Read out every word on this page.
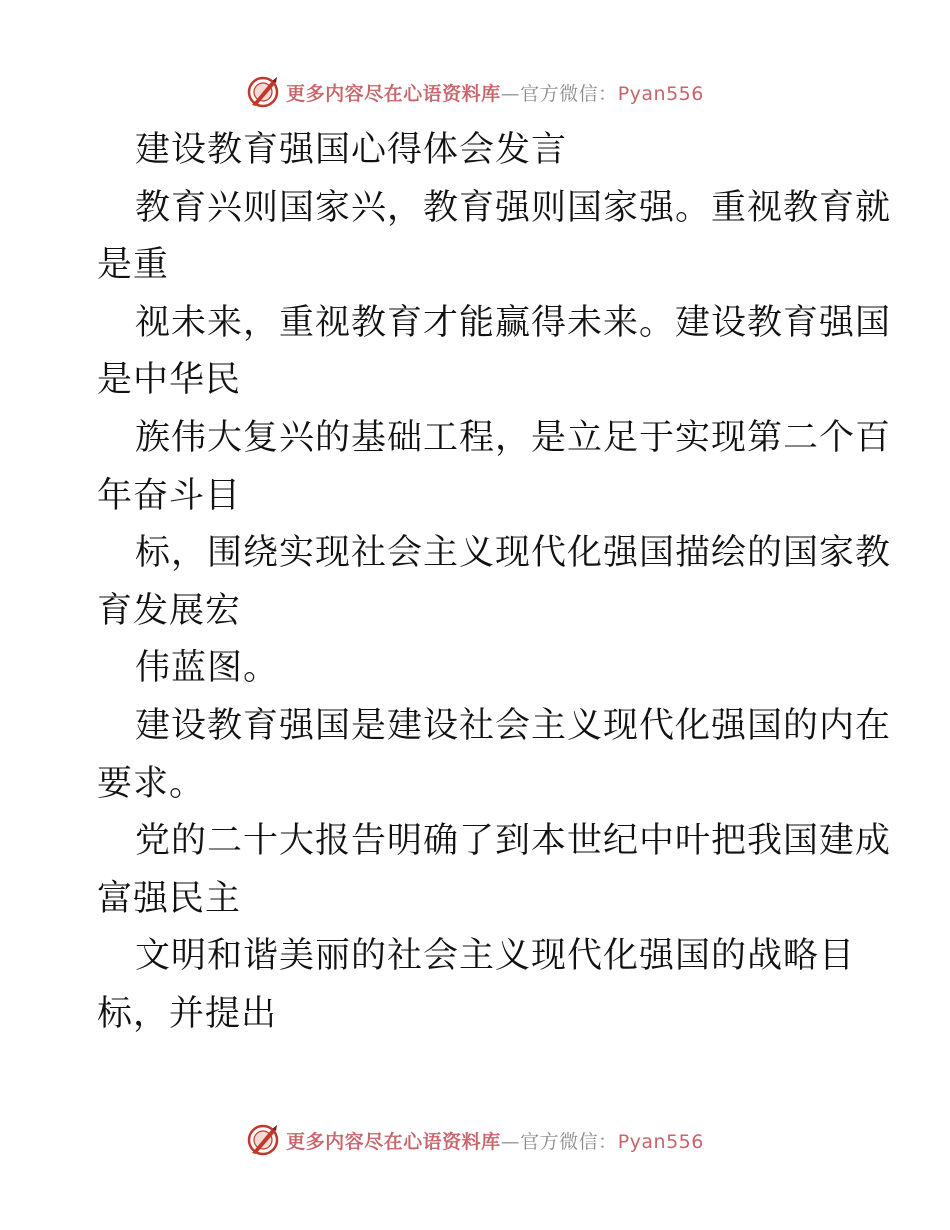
更多内容尽在心语资料库—官方微信：Pyan556
建设教育强国心得体会发言
教育兴则国家兴，教育强则国家强。重视教育就
是重
视未来，重视教育才能赢得未来。建设教育强国
是中华民
族伟大复兴的基础工程，是立足于实现第二个百
年奋斗目
标，围绕实现社会主义现代化强国描绘的国家教
育发展宏
伟蓝图。
建设教育强国是建设社会主义现代化强国的内在
要求。
党的二十大报告明确了到本世纪中叶把我国建成
富强民主
文明和谐美丽的社会主义现代化强国的战略目
标，并提出
更多内容尽在心语资料库—官方微信：Pyan556
